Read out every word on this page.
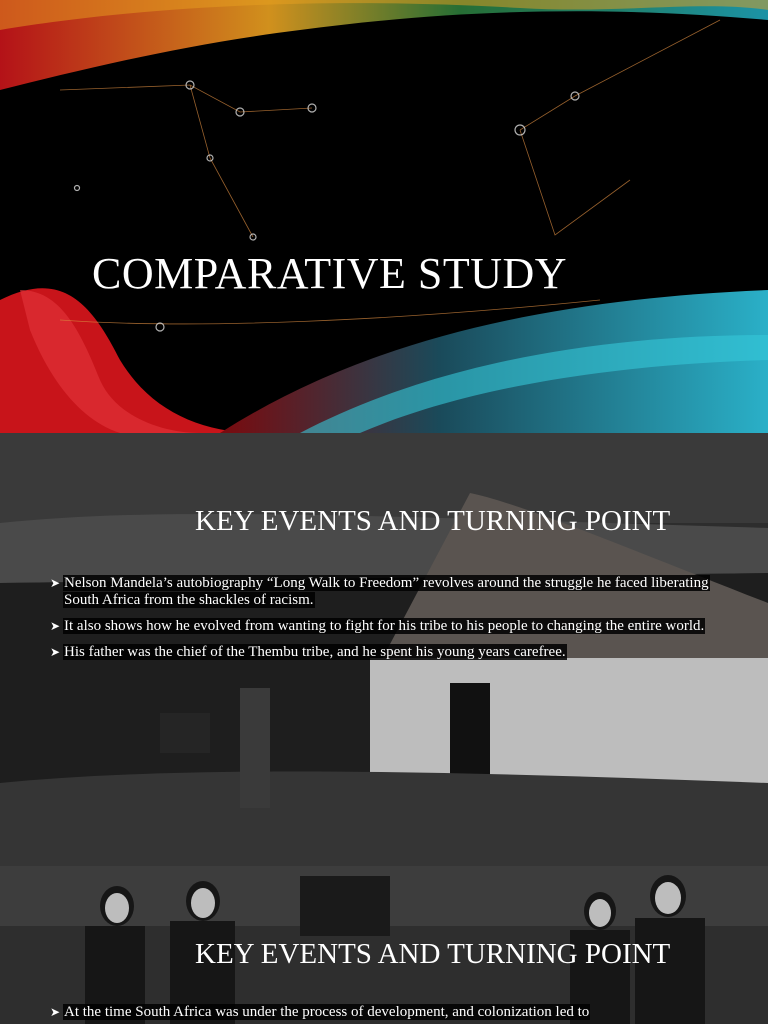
COMPARATIVE STUDY
KEY EVENTS AND TURNING POINT
➤ Nelson Mandela’s autobiography “Long Walk to Freedom” revolves around the struggle he faced liberating South Africa from the shackles of racism.
➤ It also shows how he evolved from wanting to fight for his tribe to his people to changing the entire world.
➤ His father was the chief of the Thembu tribe, and he spent his young years carefree.
KEY EVENTS AND TURNING POINT
➤ At the time South Africa was under the process of development, and colonization led to
